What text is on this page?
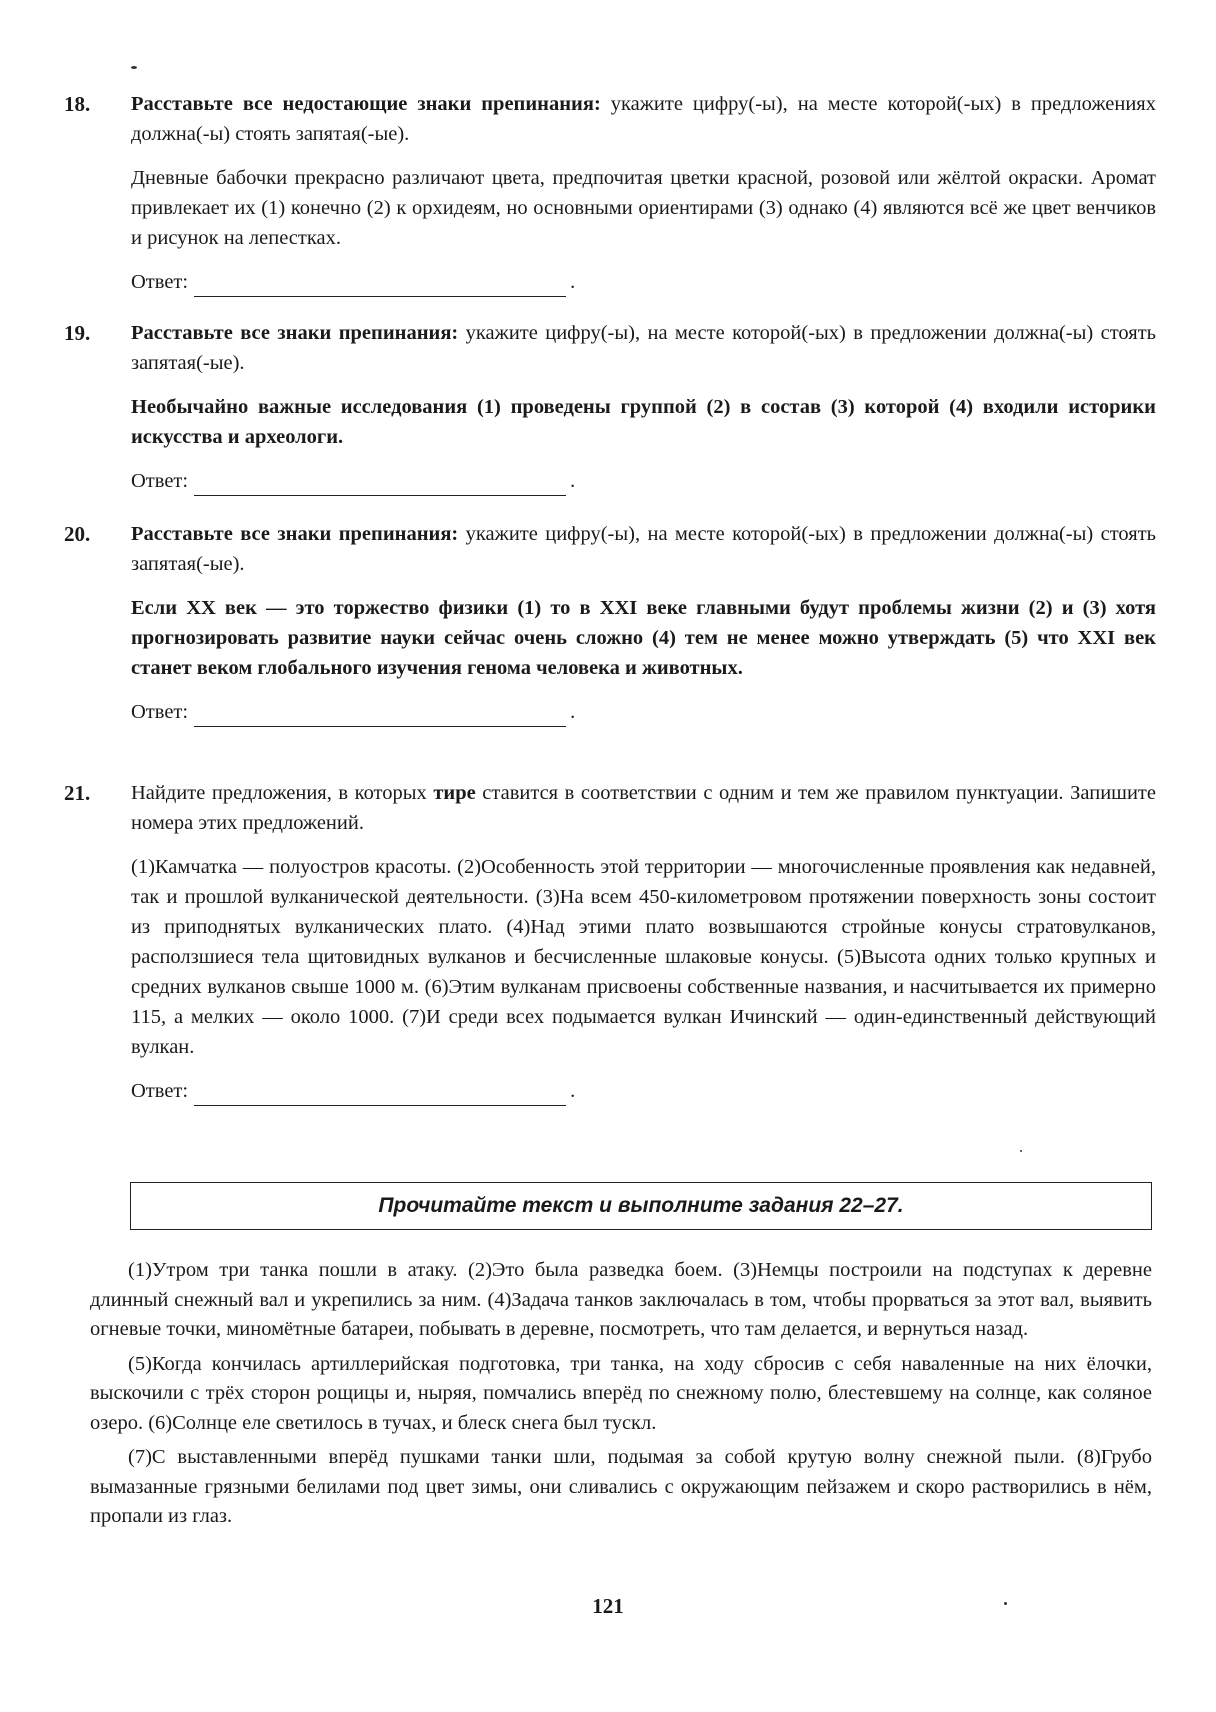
18.	Расставьте все недостающие знаки препинания: укажите цифру(-ы), на месте которой(-ых) в предложениях должна(-ы) стоять запятая(-ые).

Дневные бабочки прекрасно различают цвета, предпочитая цветки красной, розовой или жёлтой окраски. Аромат привлекает их (1) конечно (2) к орхидеям, но основными ориентирами (3) однако (4) являются всё же цвет венчиков и рисунок на лепестках.

Ответ:	.
19.	Расставьте все знаки препинания: укажите цифру(-ы), на месте которой(-ых) в предложении должна(-ы) стоять запятая(-ые).

Необычайно важные исследования (1) проведены группой (2) в состав (3) которой (4) входили историки искусства и археологи.

Ответ:	.
20.	Расставьте все знаки препинания: укажите цифру(-ы), на месте которой(-ых) в предложении должна(-ы) стоять запятая(-ые).

Если XX век — это торжество физики (1) то в XXI веке главными будут проблемы жизни (2) и (3) хотя прогнозировать развитие науки сейчас очень сложно (4) тем не менее можно утверждать (5) что XXI век станет веком глобального изучения генома человека и животных.

Ответ:	.
21.	Найдите предложения, в которых тире ставится в соответствии с одним и тем же правилом пунктуации. Запишите номера этих предложений.

(1)Камчатка — полуостров красоты. (2)Особенность этой территории — многочисленные проявления как недавней, так и прошлой вулканической деятельности. (3)На всем 450-километровом протяжении поверхность зоны состоит из приподнятых вулканических плато. (4)Над этими плато возвышаются стройные конусы стратовулканов, расползшиеся тела щитовидных вулканов и бесчисленные шлаковые конусы. (5)Высота одних только крупных и средних вулканов свыше 1000 м. (6)Этим вулканам присвоены собственные названия, и насчитывается их примерно 115, а мелких — около 1000. (7)И среди всех подымается вулкан Ичинский — один-единственный действующий вулкан.

Ответ:	.
Прочитайте текст и выполните задания 22–27.

(1)Утром три танка пошли в атаку. (2)Это была разведка боем. (3)Немцы построили на подступах к деревне длинный снежный вал и укрепились за ним. (4)Задача танков заключалась в том, чтобы прорваться за этот вал, выявить огневые точки, миномётные батареи, побывать в деревне, посмотреть, что там делается, и вернуться назад.

(5)Когда кончилась артиллерийская подготовка, три танка, на ходу сбросив с себя наваленные на них ёлочки, выскочили с трёх сторон рощицы и, ныряя, помчались вперёд по снежному полю, блестевшему на солнце, как соляное озеро. (6)Солнце еле светилось в тучах, и блеск снега был тускл.

(7)С выставленными вперёд пушками танки шли, подымая за собой крутую волну снежной пыли. (8)Грубо вымазанные грязными белилами под цвет зимы, они сливались с окружающим пейзажем и скоро растворились в нём, пропали из глаз.

121
